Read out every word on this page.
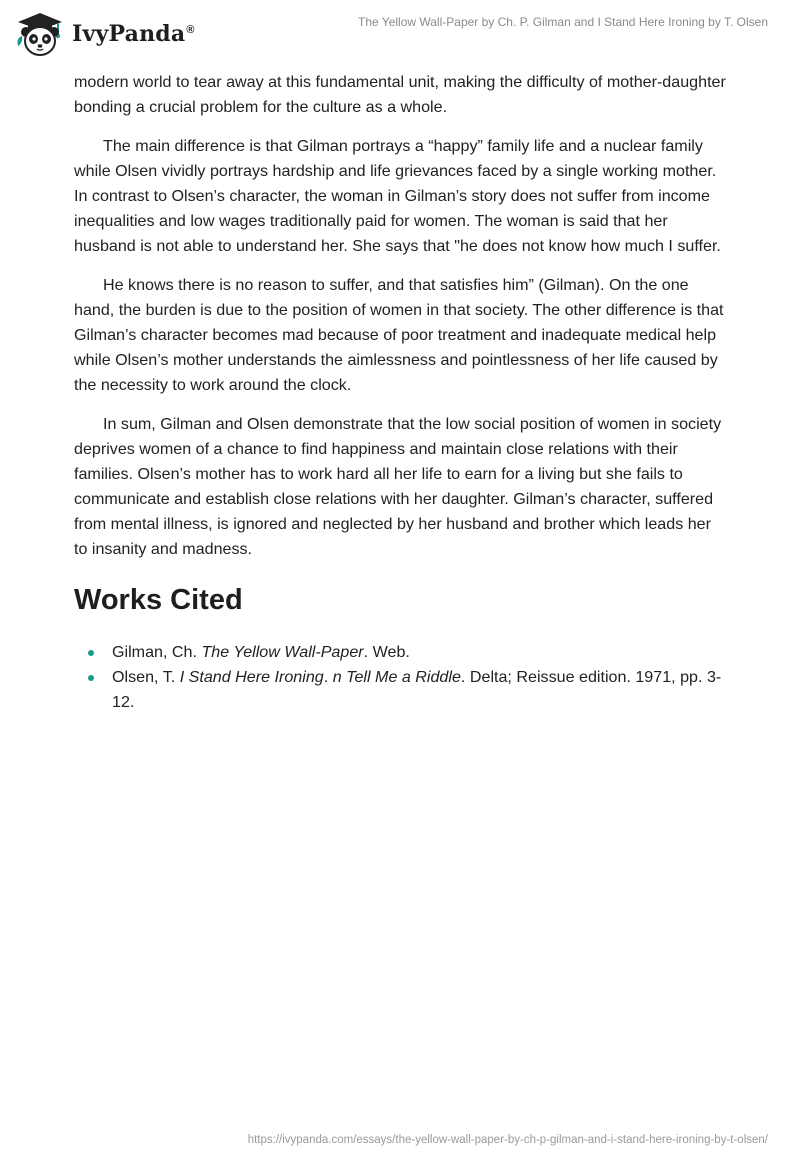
IvyPanda®
The Yellow Wall-Paper by Ch. P. Gilman and I Stand Here Ironing by T. Olsen

modern world to tear away at this fundamental unit, making the difficulty of mother-daughter bonding a crucial problem for the culture as a whole.

The main difference is that Gilman portrays a “happy” family life and a nuclear family while Olsen vividly portrays hardship and life grievances faced by a single working mother. In contrast to Olsen’s character, the woman in Gilman’s story does not suffer from income inequalities and low wages traditionally paid for women. The woman is said that her husband is not able to understand her. She says that "he does not know how much I suffer.

He knows there is no reason to suffer, and that satisfies him” (Gilman). On the one hand, the burden is due to the position of women in that society. The other difference is that Gilman’s character becomes mad because of poor treatment and inadequate medical help while Olsen’s mother understands the aimlessness and pointlessness of her life caused by the necessity to work around the clock.

In sum, Gilman and Olsen demonstrate that the low social position of women in society deprives women of a chance to find happiness and maintain close relations with their families. Olsen’s mother has to work hard all her life to earn for a living but she fails to communicate and establish close relations with her daughter. Gilman’s character, suffered from mental illness, is ignored and neglected by her husband and brother which leads her to insanity and madness.

Works Cited
Gilman, Ch. The Yellow Wall-Paper. Web.
Olsen, T. I Stand Here Ironing. n Tell Me a Riddle. Delta; Reissue edition. 1971, pp. 3-12.
https://ivypanda.com/essays/the-yellow-wall-paper-by-ch-p-gilman-and-i-stand-here-ironing-by-t-olsen/
